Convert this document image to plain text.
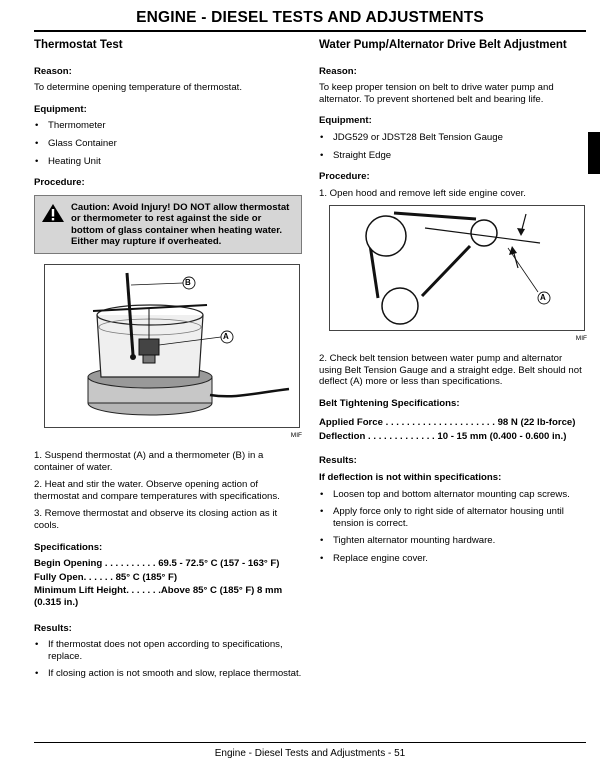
ENGINE - DIESEL TESTS AND ADJUSTMENTS
Thermostat Test
Reason:
To determine opening temperature of thermostat.
Equipment:
• Thermometer
• Glass Container
• Heating Unit
Procedure:
Caution: Avoid Injury! DO NOT allow thermostat or thermometer to rest against the side or bottom of glass container when heating water. Either may rupture if overheated.
B
A
MIF
1. Suspend thermostat (A) and a thermometer (B) in a container of water.
2. Heat and stir the water. Observe opening action of thermostat and compare temperatures with specifications.
3. Remove thermostat and observe its closing action as it cools.
Specifications:
Begin Opening . . . . . . . . . . 69.5 - 72.5° C (157 - 163° F)
Fully Open. . . . . . 85° C (185° F)
Minimum Lift Height. . . . . . .Above 85° C (185° F) 8 mm (0.315 in.)
Results:
• If thermostat does not open according to specifications, replace.
• If closing action is not smooth and slow, replace thermostat.
Water Pump/Alternator Drive Belt Adjustment
Reason:
To keep proper tension on belt to drive water pump and alternator. To prevent shortened belt and bearing life.
Equipment:
• JDG529 or JDST28 Belt Tension Gauge
• Straight Edge
Procedure:
1. Open hood and remove left side engine cover.
A
MIF
2. Check belt tension between water pump and alternator using Belt Tension Gauge and a straight edge. Belt should not deflect (A) more or less than specifications.
Belt Tightening Specifications:
Applied Force . . . . . . . . . . . . . . . . . . . . . 98 N (22 lb-force)
Deflection . . . . . . . . . . . . . 10 - 15 mm (0.400 - 0.600 in.)
Results:
If deflection is not within specifications:
• Loosen top and bottom alternator mounting cap screws.
• Apply force only to right side of alternator housing until tension is correct.
• Tighten alternator mounting hardware.
• Replace engine cover.
Engine - Diesel Tests and Adjustments - 51
